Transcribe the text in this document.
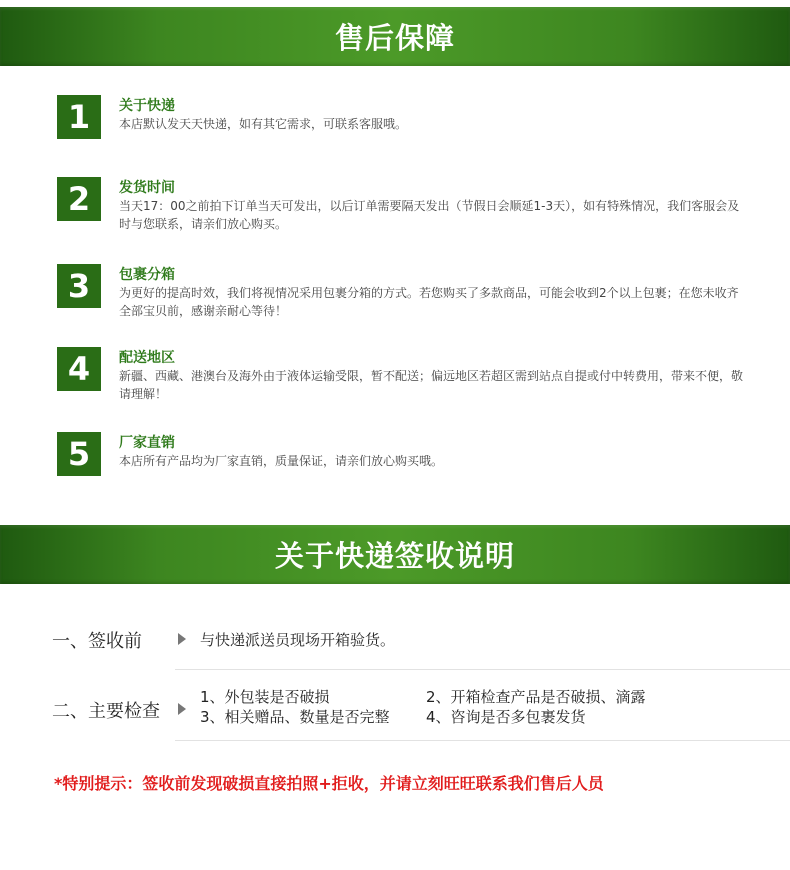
售后保障
1	关于快递
本店默认发天天快递，如有其它需求，可联系客服哦。
2	发货时间
当天17：00之前拍下订单当天可发出，以后订单需要隔天发出（节假日会顺延1-3天），如有特殊情况，我们客服会及时与您联系，请亲们放心购买。
3	包裹分箱
为更好的提高时效，我们将视情况采用包裹分箱的方式。若您购买了多款商品，可能会收到2个以上包裹；在您未收齐全部宝贝前，感谢亲耐心等待！
4	配送地区
新疆、西藏、港澳台及海外由于液体运输受限，暂不配送；偏远地区若超区需到站点自提或付中转费用，带来不便，敬请理解！
5	厂家直销
本店所有产品均为厂家直销，质量保证，请亲们放心购买哦。
关于快递签收说明
一、签收前	与快递派送员现场开箱验货。
二、主要检查
1、外包装是否破损	2、开箱检查产品是否破损、滴露
3、相关赠品、数量是否完整 4、咨询是否多包裹发货
*特别提示：签收前发现破损直接拍照+拒收，并请立刻旺旺联系我们售后人员
